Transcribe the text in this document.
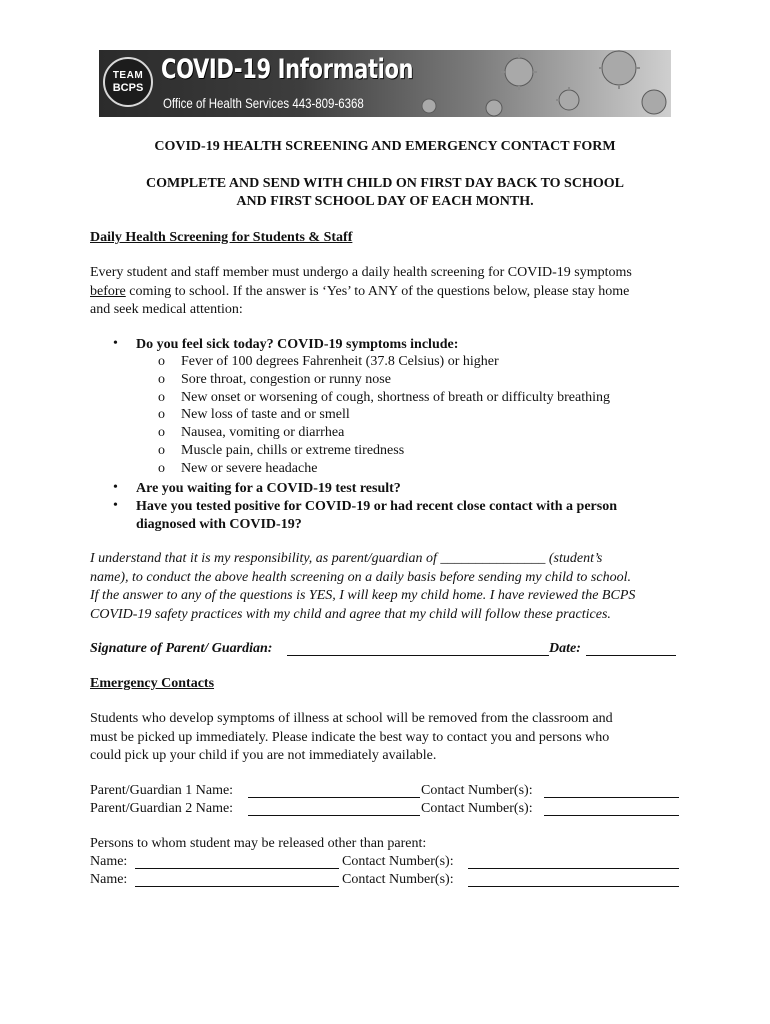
TEAM
BCPS
COVID-19 Information
Office of Health Services 443-809-6368
COVID-19 HEALTH SCREENING AND EMERGENCY CONTACT FORM
COMPLETE AND SEND WITH CHILD ON FIRST DAY BACK TO SCHOOL
AND FIRST SCHOOL DAY OF EACH MONTH.
Daily Health Screening for Students & Staff
Every student and staff member must undergo a daily health screening for COVID-19 symptoms
before coming to school. If the answer is ‘Yes’ to ANY of the questions below, please stay home
and seek medical attention:
• Do you feel sick today? COVID-19 symptoms include:
o Fever of 100 degrees Fahrenheit (37.8 Celsius) or higher
o Sore throat, congestion or runny nose
o New onset or worsening of cough, shortness of breath or difficulty breathing
o New loss of taste and or smell
o Nausea, vomiting or diarrhea
o Muscle pain, chills or extreme tiredness
o New or severe headache
• Are you waiting for a COVID-19 test result?
• Have you tested positive for COVID-19 or had recent close contact with a person
diagnosed with COVID-19?
I understand that it is my responsibility, as parent/guardian of _______________ (student’s
name), to conduct the above health screening on a daily basis before sending my child to school.
If the answer to any of the questions is YES, I will keep my child home. I have reviewed the BCPS
COVID-19 safety practices with my child and agree that my child will follow these practices.
Signature of Parent/ Guardian:	Date:
Emergency Contacts
Students who develop symptoms of illness at school will be removed from the classroom and
must be picked up immediately. Please indicate the best way to contact you and persons who
could pick up your child if you are not immediately available.
Parent/Guardian 1 Name:	Contact Number(s):
Parent/Guardian 2 Name:	Contact Number(s):
Persons to whom student may be released other than parent:
Name:	Contact Number(s):
Name:	Contact Number(s):
